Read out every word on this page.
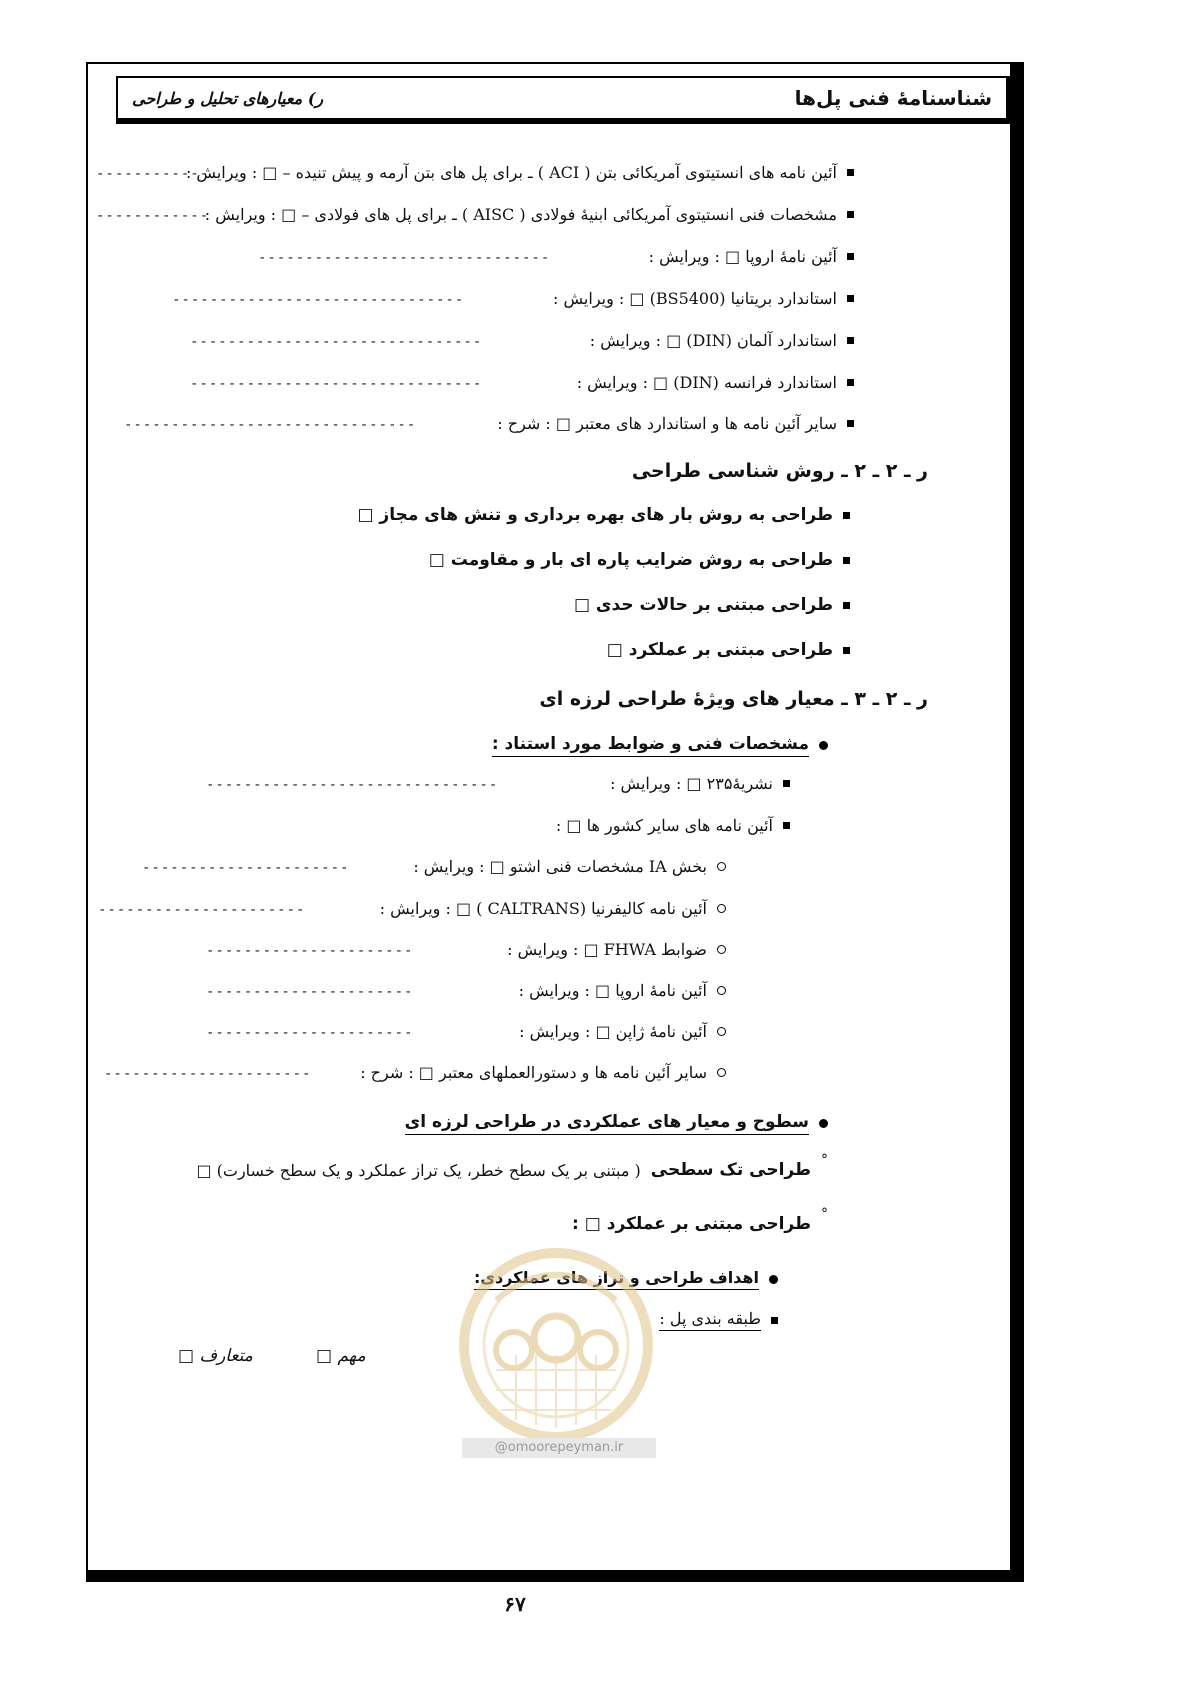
شناسنامۀ فنی پل‌ها
ر) معیارهای تحلیل و طراحی
آئین نامه های انستیتوی آمریکائی بتن ( ACI ) ـ برای پل های بتن آرمه و پیش تنیده – □ : ویرایش :
------------
مشخصات فنی انستیتوی آمریکائی ابنیۀ فولادی ( AISC ) ـ برای پل های فولادی – □ : ویرایش :
------------
آئین نامۀ اروپا □ : ویرایش :
-------------------------------
استاندارد بریتانیا (BS5400) □ : ویرایش :
-------------------------------
استاندارد آلمان (DIN) □ : ویرایش :
-------------------------------
استاندارد فرانسه (DIN) □ : ویرایش :
-------------------------------
سایر آئین نامه ها و استاندارد های معتبر □ : شرح :
-------------------------------
ر ـ ۲ ـ ۲ ـ روش شناسی طراحی
طراحی به روش بار های بهره برداری و تنش های مجاز □
طراحی به روش ضرایب پاره ای بار و مقاومت □
طراحی مبتنی بر حالات حدی □
طراحی مبتنی بر عملکرد □
ر ـ ۲ ـ ۳ ـ معیار های ویژۀ طراحی لرزه ای
مشخصات فنی و ضوابط مورد استناد :
نشریۀ۲۳۵ □ : ویرایش :
-------------------------------
آئین نامه های سایر کشور ها □ :
بخش IA مشخصات فنی اشتو □ : ویرایش :
----------------------
آئین نامه کالیفرنیا (CALTRANS ) □ : ویرایش :
----------------------
ضوابط FHWA □ : ویرایش :
----------------------
آئین نامۀ اروپا □ : ویرایش :
----------------------
آئین نامۀ ژاپن □ : ویرایش :
----------------------
سایر آئین نامه ها و دستورالعملهای معتبر □ : شرح :
----------------------
سطوح و معیار های عملکردی در طراحی لرزه ای
°
طراحی تک سطحی
( مبتنی بر یک سطح خطر، یک تراز عملکرد و یک سطح خسارت) □
°
طراحی مبتنی بر عملکرد □ :
اهداف طراحی و تراز های عملکردی:
طبقه بندی پل :
مهم □
متعارف □
@omoorepeyman.ir
۶۷
